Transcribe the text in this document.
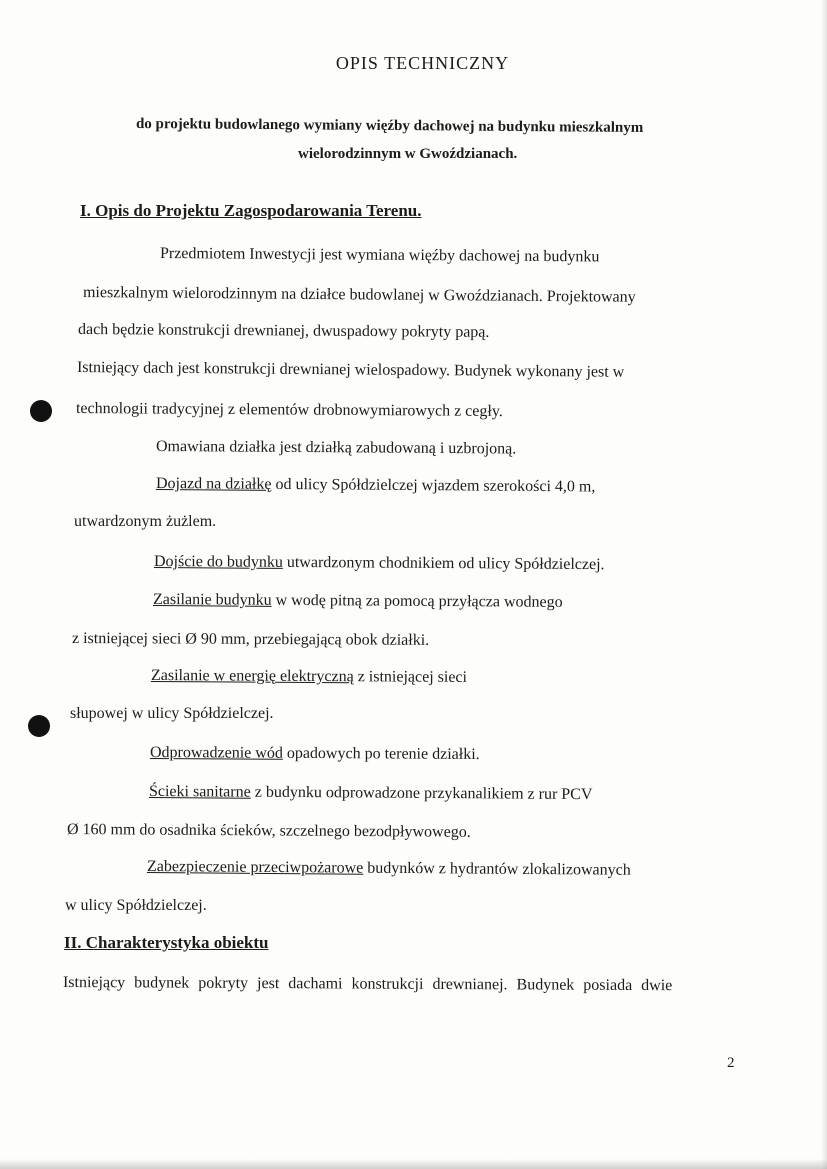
OPIS TECHNICZNY
do projektu budowlanego wymiany więźby dachowej na budynku mieszkalnym
wielorodzinnym w Gwoździanach.
I. Opis do Projektu Zagospodarowania Terenu.
Przedmiotem Inwestycji jest wymiana więźby dachowej na budynku
mieszkalnym wielorodzinnym na działce budowlanej w Gwoździanach. Projektowany
dach będzie konstrukcji drewnianej, dwuspadowy pokryty papą.
Istniejący dach jest konstrukcji drewnianej wielospadowy. Budynek wykonany jest w
technologii tradycyjnej z elementów drobnowymiarowych z cegły.
Omawiana działka jest działką zabudowaną i uzbrojoną.
Dojazd na działkę od ulicy Spółdzielczej wjazdem szerokości 4,0 m,
utwardzonym żużlem.
Dojście do budynku utwardzonym chodnikiem od ulicy Spółdzielczej.
Zasilanie budynku w wodę pitną za pomocą przyłącza wodnego
z istniejącej sieci Ø 90 mm, przebiegającą obok działki.
Zasilanie w energię elektryczną z istniejącej sieci
słupowej w ulicy Spółdzielczej.
Odprowadzenie wód opadowych po terenie działki.
Ścieki sanitarne z budynku odprowadzone przykanalikiem z rur PCV
Ø 160 mm do osadnika ścieków, szczelnego bezodpływowego.
Zabezpieczenie przeciwpożarowe budynków z hydrantów zlokalizowanych
w ulicy Spółdzielczej.
II. Charakterystyka obiektu
Istniejący budynek pokryty jest dachami konstrukcji drewnianej. Budynek posiada dwie
2
